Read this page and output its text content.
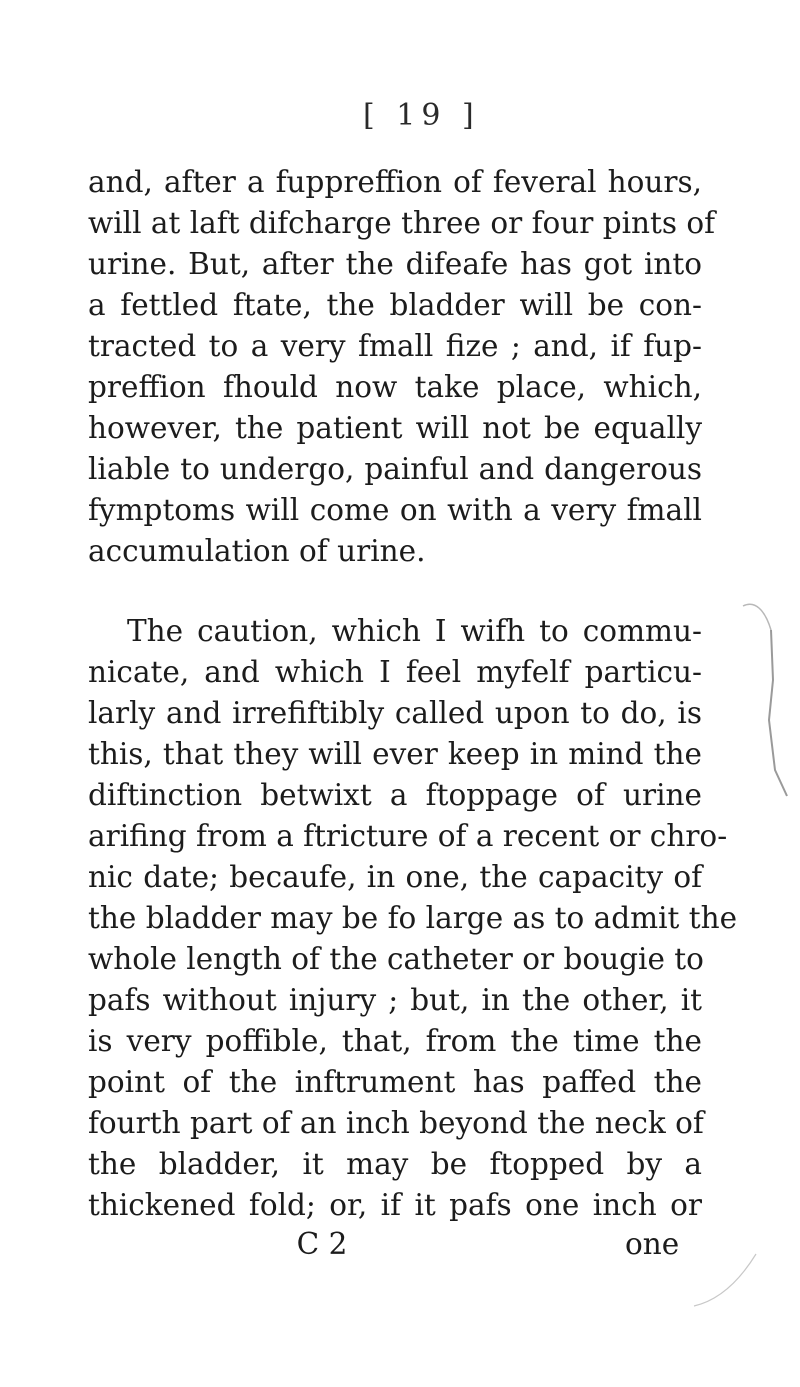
[ 19 ]
and, after a fuppreffion of feveral hours,
will at laft difcharge three or four pints of
urine. But, after the difeafe has got into
a fettled ftate, the bladder will be con-
tracted to a very fmall fize ; and, if fup-
preffion fhould now take place, which,
however, the patient will not be equally
liable to undergo, painful and dangerous
fymptoms will come on with a very fmall
accumulation of urine.
The caution, which I wifh to commu-
nicate, and which I feel myfelf particu-
larly and irrefiftibly called upon to do, is
this, that they will ever keep in mind the
diftinction betwixt a ftoppage of urine
arifing from a ftricture of a recent or chro-
nic date; becaufe, in one, the capacity of
the bladder may be fo large as to admit the
whole length of the catheter or bougie to
pafs without injury ; but, in the other, it
is very poffible, that, from the time the
point of the inftrument has paffed the
fourth part of an inch beyond the neck of
the bladder, it may be ftopped by a
thickened fold; or, if it pafs one inch or
C 2	one
